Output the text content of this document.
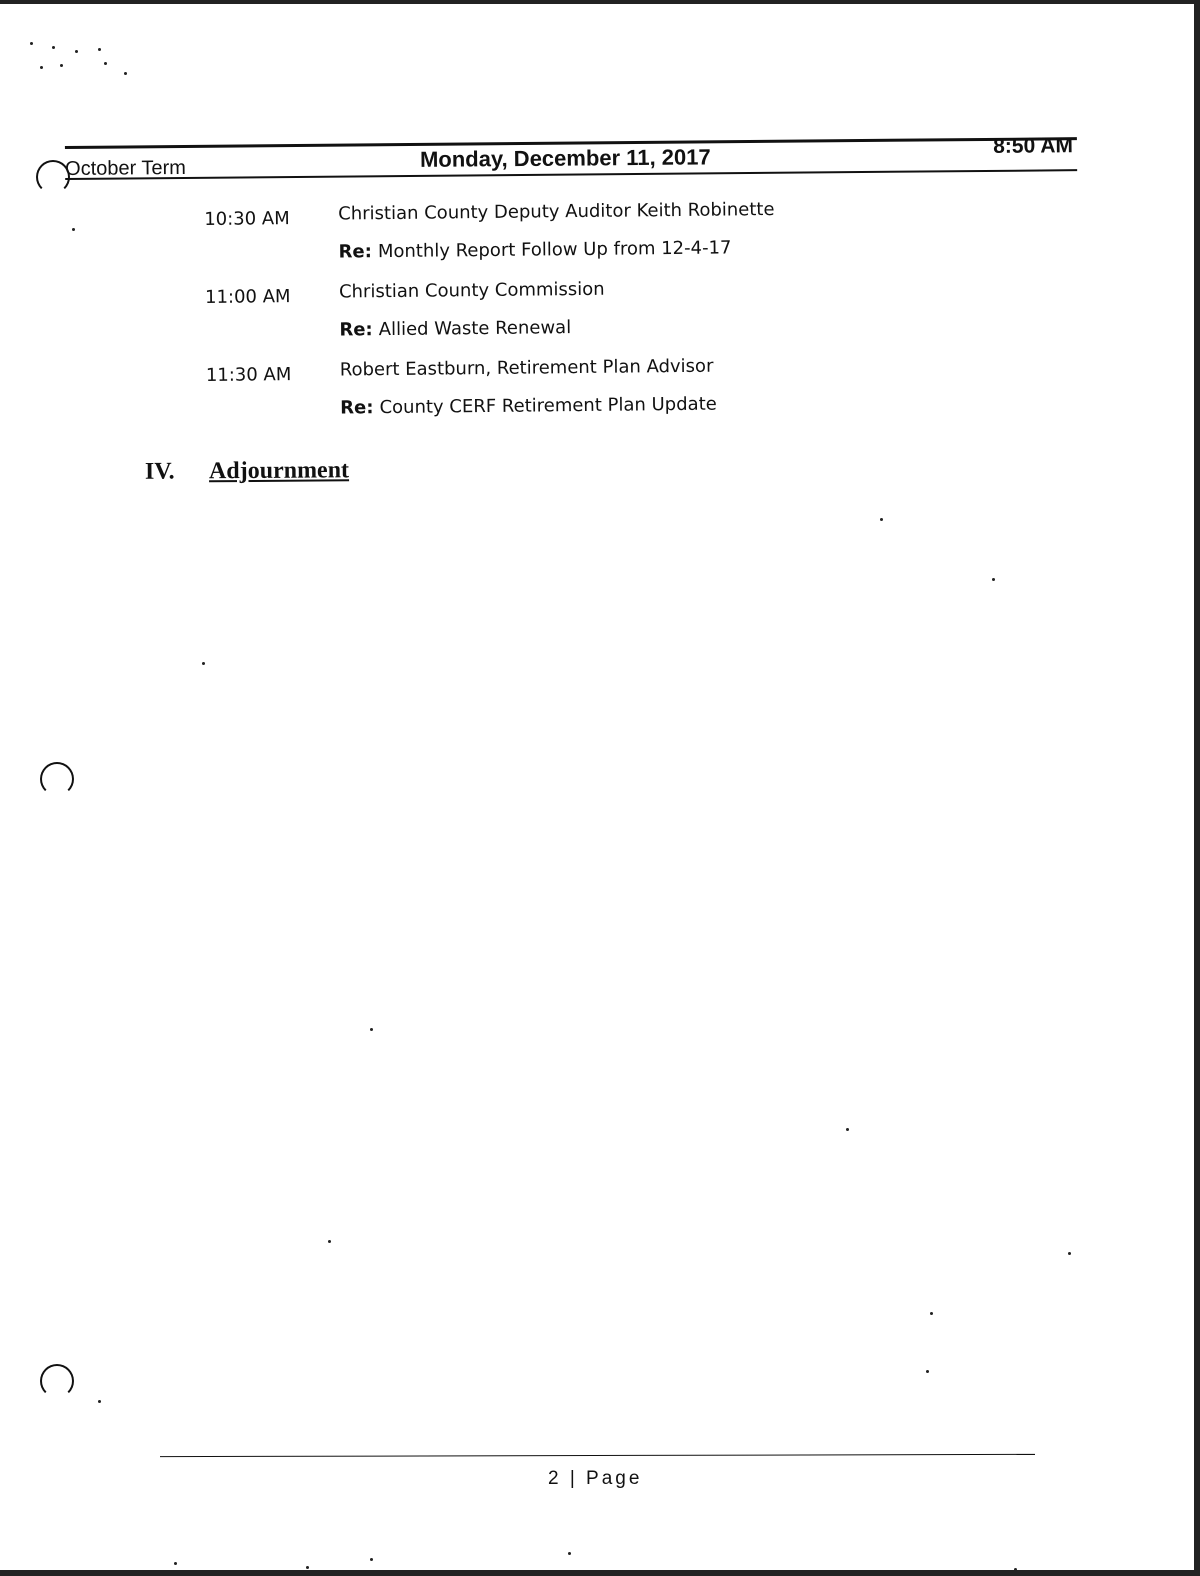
October Term	Monday, December 11, 2017	8:50 AM
10:30 AM	Christian County Deputy Auditor Keith Robinette
Re: Monthly Report Follow Up from 12-4-17
11:00 AM	Christian County Commission
Re: Allied Waste Renewal
11:30 AM	Robert Eastburn, Retirement Plan Advisor
Re: County CERF Retirement Plan Update
IV. Adjournment
2 | Page
